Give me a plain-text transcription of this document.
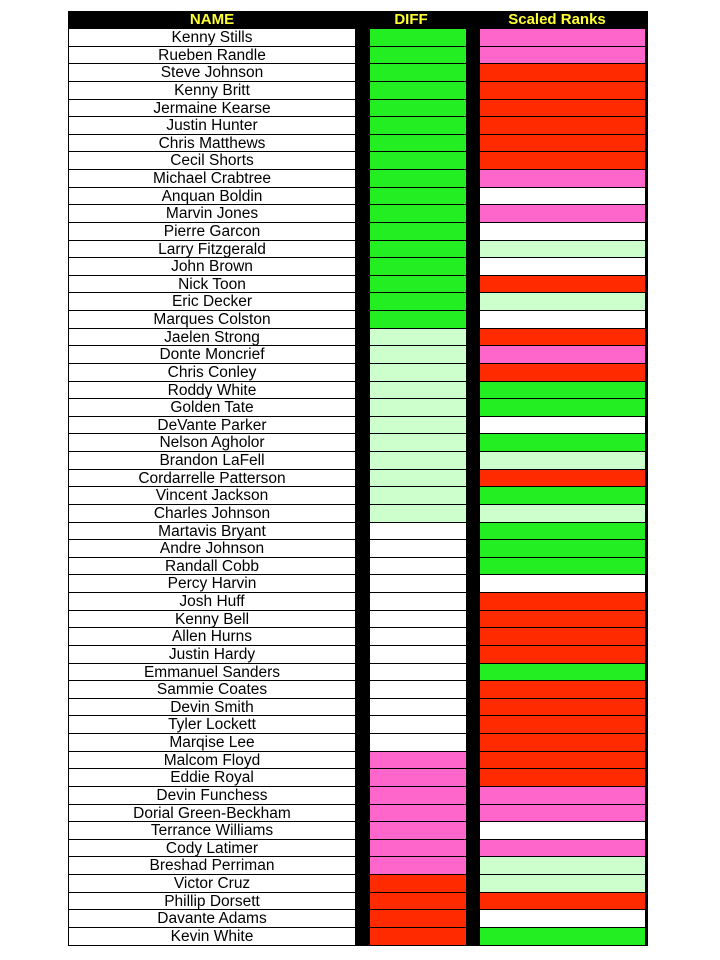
NAME	DIFF	Scaled Ranks
Kenny Stills
Rueben Randle
Steve Johnson
Kenny Britt
Jermaine Kearse
Justin Hunter
Chris Matthews
Cecil Shorts
Michael Crabtree
Anquan Boldin
Marvin Jones
Pierre Garcon
Larry Fitzgerald
John Brown
Nick Toon
Eric Decker
Marques Colston
Jaelen Strong
Donte Moncrief
Chris Conley
Roddy White
Golden Tate
DeVante Parker
Nelson Agholor
Brandon LaFell
Cordarrelle Patterson
Vincent Jackson
Charles Johnson
Martavis Bryant
Andre Johnson
Randall Cobb
Percy Harvin
Josh Huff
Kenny Bell
Allen Hurns
Justin Hardy
Emmanuel Sanders
Sammie Coates
Devin Smith
Tyler Lockett
Marqise Lee
Malcom Floyd
Eddie Royal
Devin Funchess
Dorial Green-Beckham
Terrance Williams
Cody Latimer
Breshad Perriman
Victor Cruz
Phillip Dorsett
Davante Adams
Kevin White
